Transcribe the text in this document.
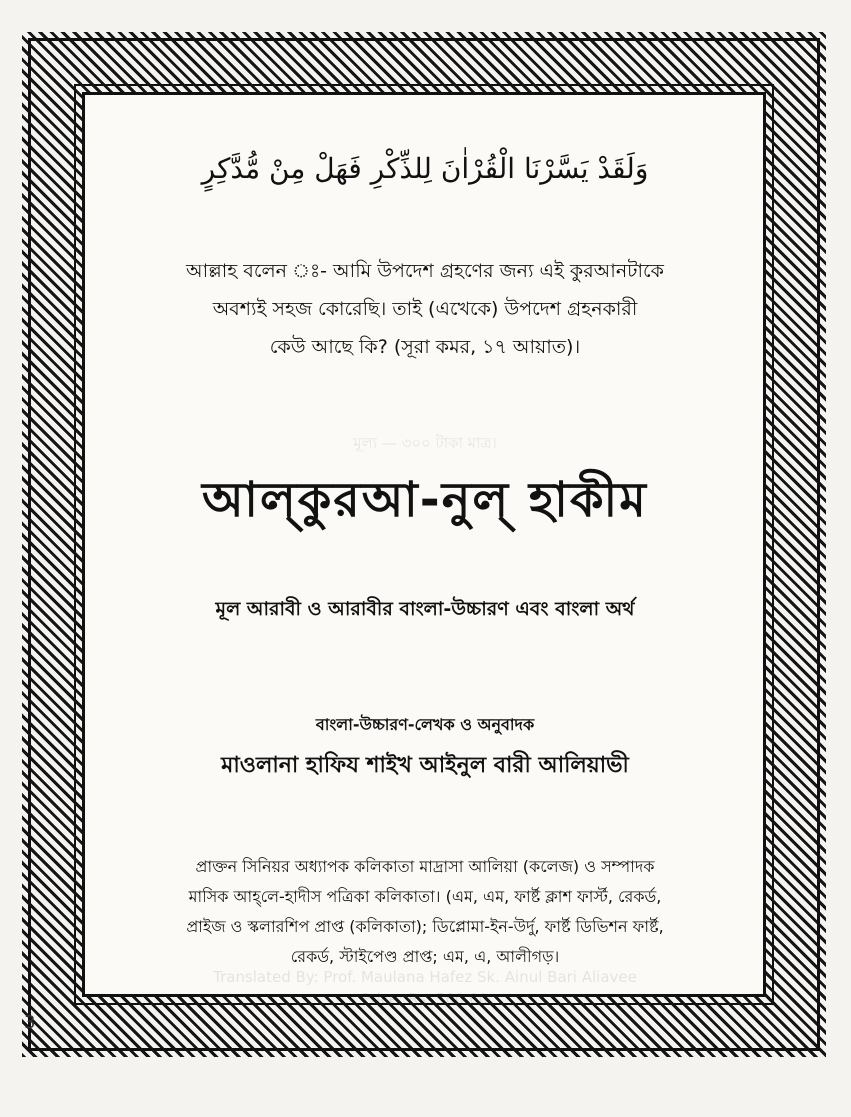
মূল্য — ৩০০ টাকা মাত্র।
Translated By: Prof. Maulana Hafez Sk. Ainul Bari Aliavee
وَلَقَدْ يَسَّرْنَا الْقُرْاٰنَ لِلذِّكْرِ فَهَلْ مِنْ مُّدَّكِرٍ
আল্লাহ বলেন ঃ- আমি উপদেশ গ্রহণের জন্য এই কুরআনটাকে
অবশ্যই সহজ কোরেছি। তাই (এখেকে) উপদেশ গ্রহনকারী
কেউ আছে কি? (সূরা কমর, ১৭ আয়াত)।
আল্‌কুরআ-নুল্‌ হাকীম
মূল আরাবী ও আরাবীর বাংলা-উচ্চারণ এবং বাংলা অর্থ
বাংলা-উচ্চারণ-লেখক ও অনুবাদক
মাওলানা হাফিয শাইখ আইনুল বারী আলিয়াভী
প্রাক্তন সিনিয়র অধ্যাপক কলিকাতা মাদ্রাসা আলিয়া (কলেজ) ও সম্পাদক
মাসিক আহ্‌লে-হাদীস পত্রিকা কলিকাতা। (এম, এম, ফার্ষ্ট ক্লাশ ফার্স্ট, রেকর্ড,
প্রাইজ ও স্কলারশিপ প্রাপ্ত (কলিকাতা); ডিপ্লোমা-ইন-উর্দু, ফার্ষ্ট ডিভিশন ফার্ষ্ট,
রেকর্ড, স্টাইপেণ্ড প্রাপ্ত; এম, এ, আলীগড়।
3
